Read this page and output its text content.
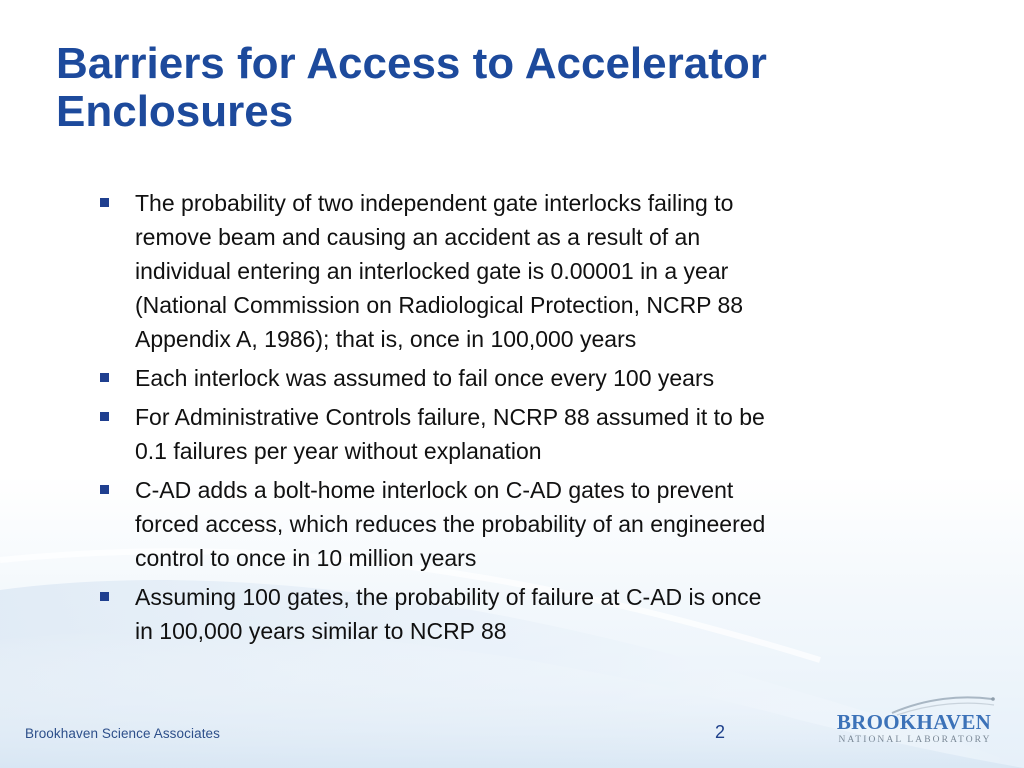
Barriers for Access to Accelerator
Enclosures
The probability of two independent gate interlocks failing to
remove beam and causing an accident as a result of an
individual entering an interlocked gate is 0.00001 in a year
(National Commission on Radiological Protection, NCRP 88
Appendix A, 1986); that is, once in 100,000 years
Each interlock was assumed to fail once every 100 years
For Administrative Controls failure, NCRP 88 assumed it to be
0.1 failures per year without explanation
C-AD adds a bolt-home interlock on C-AD gates to prevent
forced access, which reduces the probability of an engineered
control to once in 10 million years
Assuming 100 gates, the probability of failure at C-AD is once
in 100,000 years similar to NCRP 88
Brookhaven Science Associates	2	BROOKHAVEN
NATIONAL LABORATORY
